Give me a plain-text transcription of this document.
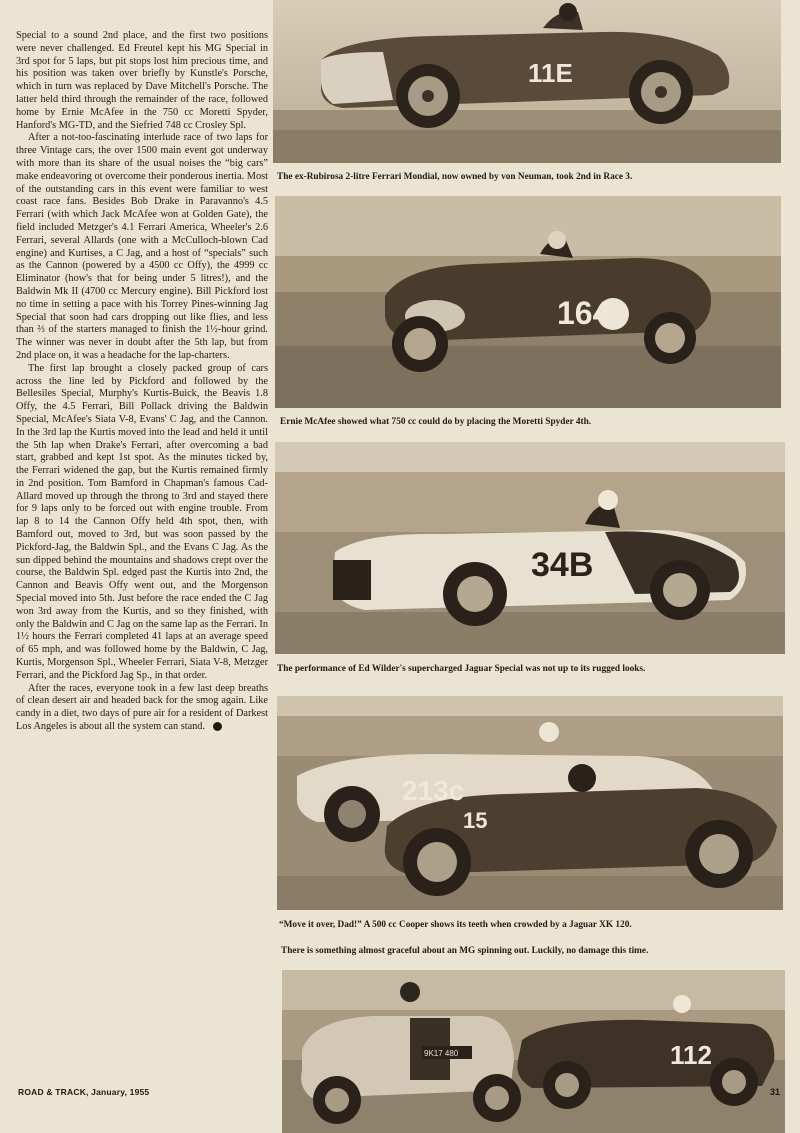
Special to a sound 2nd place, and the first two positions were never challenged. Ed Freutel kept his MG Special in 3rd spot for 5 laps, but pit stops lost him precious time, and his position was taken over briefly by Kunstle's Porsche, which in turn was replaced by Dave Mitchell's Porsche. The latter held third through the remainder of the race, followed home by Ernie McAfee in the 750 cc Moretti Spyder, Hanford's MG-TD, and the Siefried 748 cc Crosley Spl.

After a not-too-fascinating interlude race of two laps for three Vintage cars, the over 1500 main event got underway with more than its share of the usual noises the “big cars” make endeavoring ot overcome their ponderous inertia. Most of the outstanding cars in this event were familiar to west coast race fans. Besides Bob Drake in Paravanno's 4.5 Ferrari (with which Jack McAfee won at Golden Gate), the field included Metzger's 4.1 Ferrari America, Wheeler's 2.6 Ferrari, several Allards (one with a McCulloch-blown Cad engine) and Kurtises, a C Jag, and a host of “specials” such as the Cannon (powered by a 4500 cc Offy), the 4999 cc Eliminator (how's that for being under 5 litres!), and the Baldwin Mk II (4700 cc Mercury engine). Bill Pickford lost no time in setting a pace with his Torrey Pines-winning Jag Special that soon had cars dropping out like flies, and less than ⅔ of the starters managed to finish the 1½-hour grind. The winner was never in doubt after the 5th lap, but from 2nd place on, it was a headache for the lap-charters.

The first lap brought a closely packed group of cars across the line led by Pickford and followed by the Bellesiles Special, Murphy's Kurtis-Buick, the Beavis 1.8 Offy, the 4.5 Ferrari, Bill Pollack driving the Baldwin Special, McAfee's Siata V-8, Evans' C Jag, and the Cannon. In the 3rd lap the Kurtis moved into the lead and held it until the 5th lap when Drake's Ferrari, after overcoming a bad start, grabbed and kept 1st spot. As the minutes ticked by, the Ferrari widened the gap, but the Kurtis remained firmly in 2nd position. Tom Bamford in Chapman's famous Cad-Allard moved up through the throng to 3rd and stayed there for 9 laps only to be forced out with engine trouble. From lap 8 to 14 the Cannon Offy held 4th spot, then, with Bamford out, moved to 3rd, but was soon passed by the Pickford-Jag, the Baldwin Spl., and the Evans C Jag. As the sun dipped behind the mountains and shadows crept over the course, the Baldwin Spl. edged past the Kurtis into 2nd, the Cannon and Beavis Offy went out, and the Morgenson Special moved into 5th. Just before the race ended the C Jag won 3rd away from the Kurtis, and so they finished, with only the Baldwin and C Jag on the same lap as the Ferrari. In 1½ hours the Ferrari completed 41 laps at an average speed of 65 mph, and was followed home by the Baldwin, C Jag, Kurtis, Morgenson Spl., Wheeler Ferrari, Siata V-8, Metzger Ferrari, and the Pickford Jag Sp., in that order.

After the races, everyone took in a few last deep breaths of clean desert air and headed back for the smog again. Like candy in a diet, two days of pure air for a resident of Darkest Los Angeles is about all the system can stand.

ROAD & TRACK, January, 1955
11E
The ex-Rubirosa 2-litre Ferrari Mondial, now owned by von Neuman, took 2nd in Race 3.
164
Ernie McAfee showed what 750 cc could do by placing the Moretti Spyder 4th.
34B
The performance of Ed Wilder's supercharged Jaguar Special was not up to its rugged looks.
213c
15
“Move it over, Dad!” A 500 cc Cooper shows its teeth when crowded by a Jaguar XK 120.
There is something almost graceful about an MG spinning out. Luckily, no damage this time.
9K17 480	112
31
